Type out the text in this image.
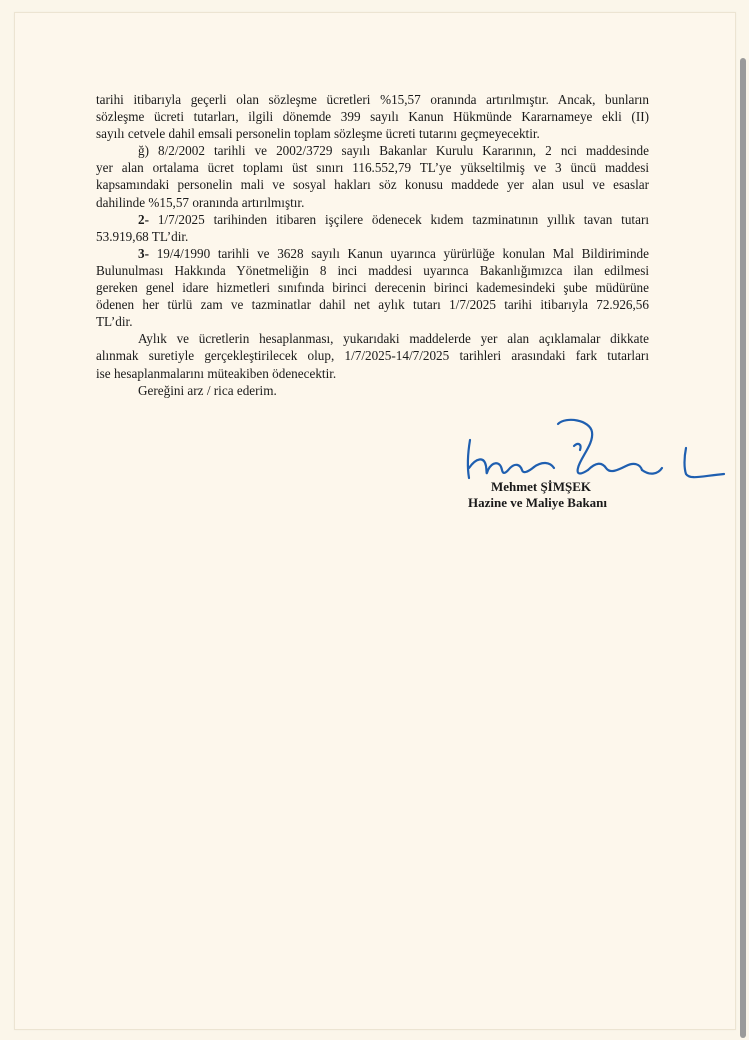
tarihi itibarıyla geçerli olan sözleşme ücretleri %15,57 oranında artırılmıştır. Ancak, bunların

sözleşme ücreti tutarları, ilgili dönemde 399 sayılı Kanun Hükmünde Kararnameye ekli (II)

sayılı cetvele dahil emsali personelin toplam sözleşme ücreti tutarını geçmeyecektir.

ğ) 8/2/2002 tarihli ve 2002/3729 sayılı Bakanlar Kurulu Kararının, 2 nci maddesinde

yer alan ortalama ücret toplamı üst sınırı 116.552,79 TL’ye yükseltilmiş ve 3 üncü maddesi

kapsamındaki personelin mali ve sosyal hakları söz konusu maddede yer alan usul ve esaslar

dahilinde %15,57 oranında artırılmıştır.

2- 1/7/2025 tarihinden itibaren işçilere ödenecek kıdem tazminatının yıllık tavan tutarı

53.919,68 TL’dir.

3- 19/4/1990 tarihli ve 3628 sayılı Kanun uyarınca yürürlüğe konulan Mal Bildiriminde

Bulunulması Hakkında Yönetmeliğin 8 inci maddesi uyarınca Bakanlığımızca ilan edilmesi

gereken genel idare hizmetleri sınıfında birinci derecenin birinci kademesindeki şube müdürüne

ödenen her türlü zam ve tazminatlar dahil net aylık tutarı 1/7/2025 tarihi itibarıyla 72.926,56

TL’dir.

Aylık ve ücretlerin hesaplanması, yukarıdaki maddelerde yer alan açıklamalar dikkate

alınmak suretiyle gerçekleştirilecek olup, 1/7/2025-14/7/2025 tarihleri arasındaki fark tutarları

ise hesaplanmalarını müteakiben ödenecektir.

Gereğini arz / rica ederim.

Mehmet ŞİMŞEK
Hazine ve Maliye Bakanı
